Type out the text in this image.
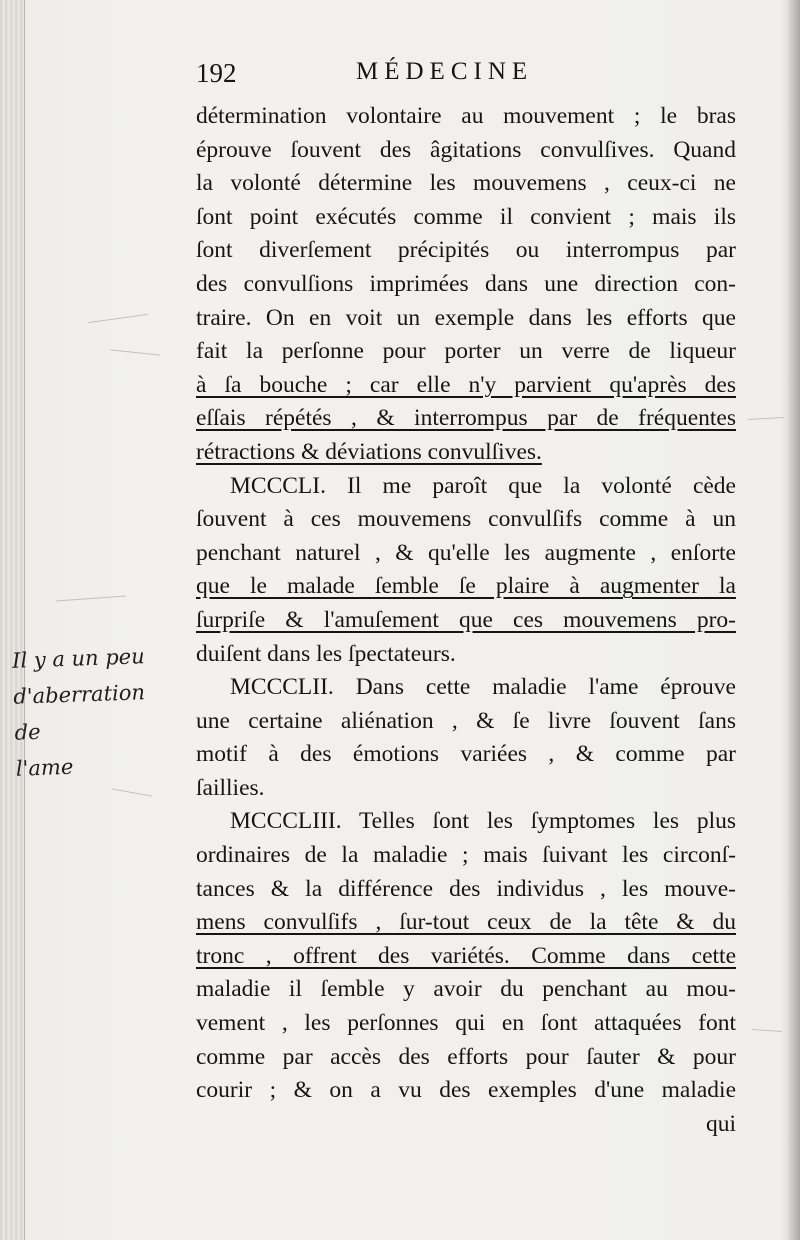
192	MÉDECINE
détermination volontaire au mouvement ; le bras
éprouve ſouvent des âgitations convulſives. Quand
la volonté détermine les mouvemens , ceux-ci ne
ſont point exécutés comme il convient ; mais ils
ſont diverſement précipités ou interrompus par
des convulſions imprimées dans une direction con-
traire. On en voit un exemple dans les efforts que
fait la perſonne pour porter un verre de liqueur
à ſa bouche ; car elle n'y parvient qu'après des
eſſais répétés , & interrompus par de fréquentes
rétractions & déviations convulſives.
MCCCLI. Il me paroît que la volonté cède
ſouvent à ces mouvemens convulſifs comme à un
penchant naturel , & qu'elle les augmente , enſorte
que le malade ſemble ſe plaire à augmenter la
ſurpriſe & l'amuſement que ces mouvemens pro-
duiſent dans les ſpectateurs.
MCCCLII. Dans cette maladie l'ame éprouve
une certaine aliénation , & ſe livre ſouvent ſans
motif à des émotions variées , & comme par
ſaillies.
MCCCLIII. Telles ſont les ſymptomes les plus
ordinaires de la maladie ; mais ſuivant les circonſ-
tances & la différence des individus , les mouve-
mens convulſifs , ſur-tout ceux de la tête & du
tronc , offrent des variétés. Comme dans cette
maladie il ſemble y avoir du penchant au mou-
vement , les perſonnes qui en ſont attaquées font
comme par accès des efforts pour ſauter & pour
courir ; & on a vu des exemples d'une maladie
qui
Il y a un peu
d'aberration de
l'ame
